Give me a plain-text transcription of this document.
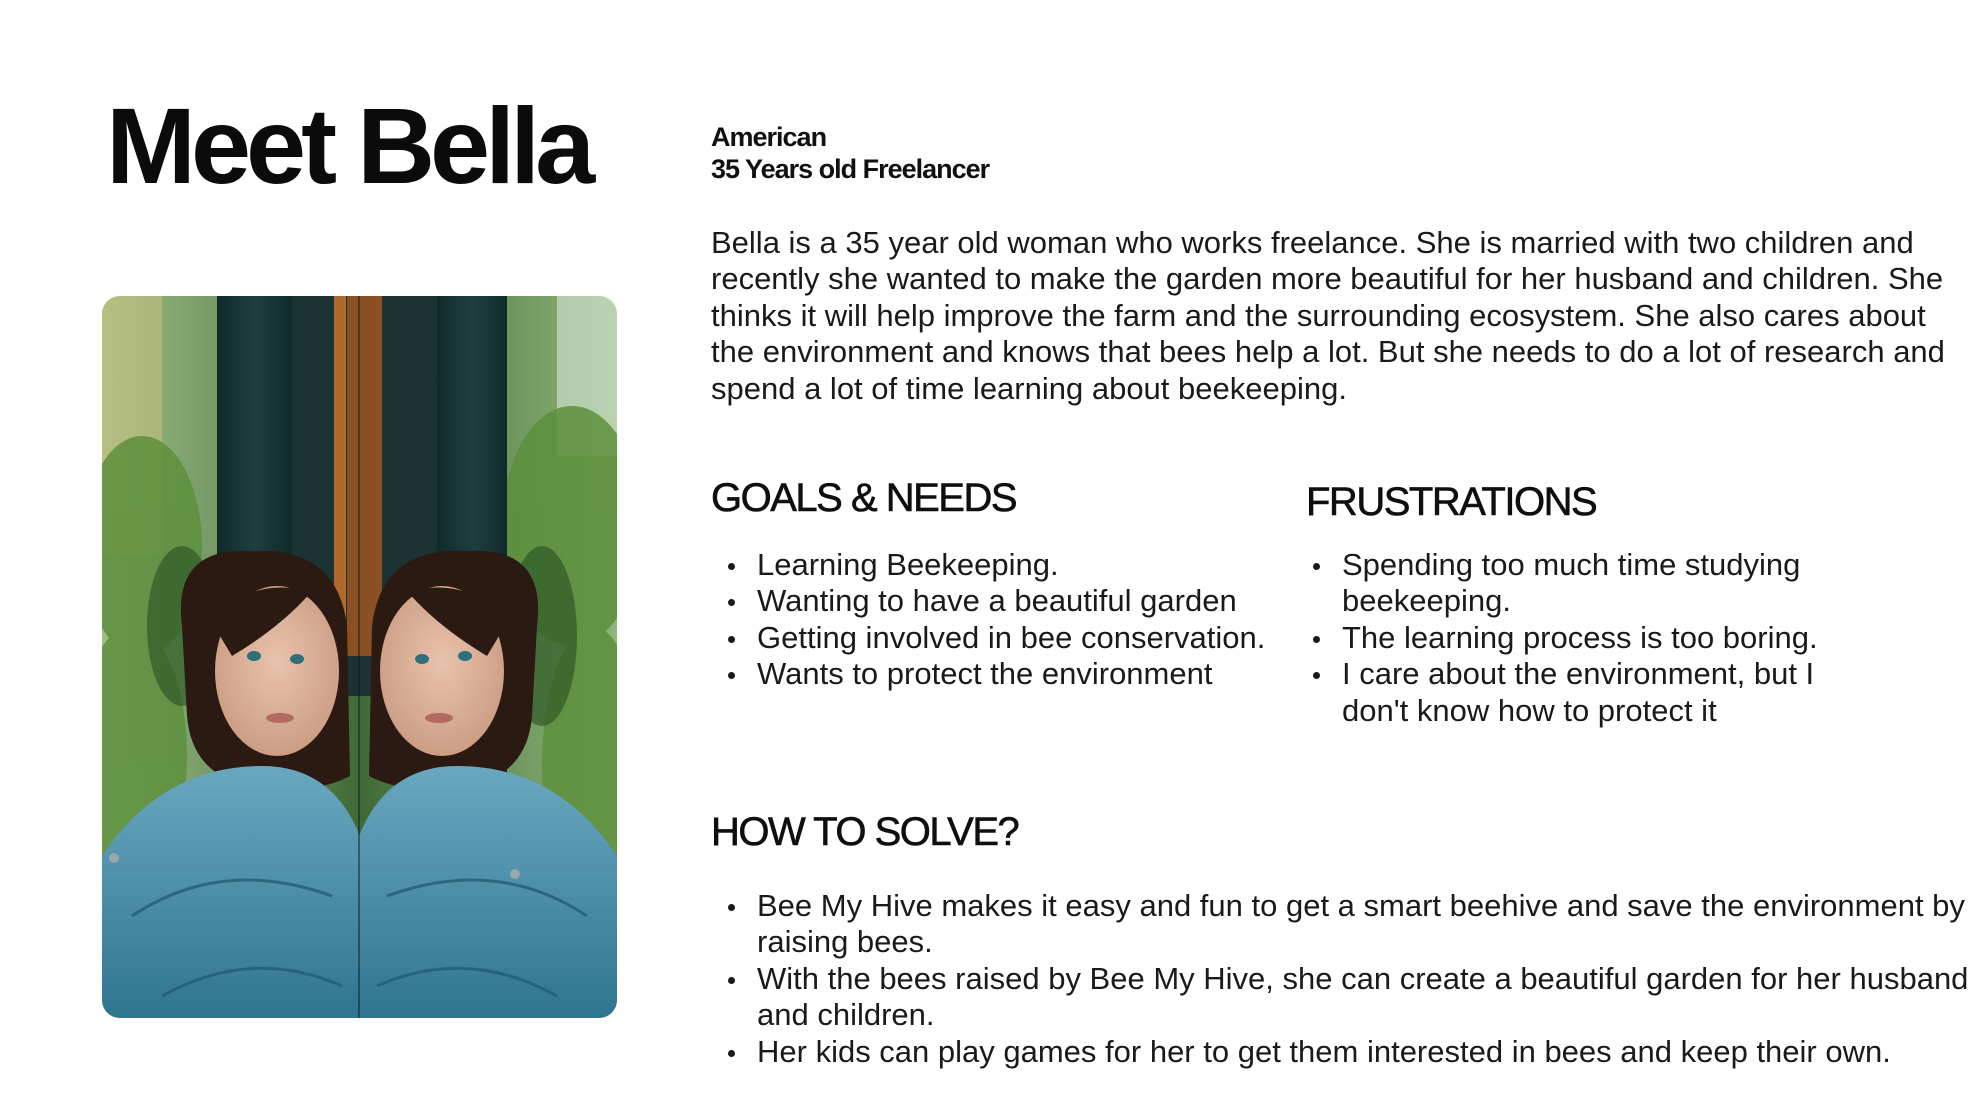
Meet Bella	American
35 Years old Freelancer

Bella is a 35 year old woman who works freelance. She is married with two children and recently she wanted to make the garden more beautiful for her husband and children. She thinks it will help improve the farm and the surrounding ecosystem. She also cares about the environment and knows that bees help a lot. But she needs to do a lot of research and spend a lot of time learning about beekeeping.

GOALS & NEEDS
Learning Beekeeping.
Wanting to have a beautiful garden
Getting involved in bee conservation.
Wants to protect the environment
FRUSTRATIONS
Spending too much time studying beekeeping.
The learning process is too boring.
I care about the environment, but I don't know how to protect it
HOW TO SOLVE?
Bee My Hive makes it easy and fun to get a smart beehive and save the environment by raising bees.
With the bees raised by Bee My Hive, she can create a beautiful garden for her husband and children.
Her kids can play games for her to get them interested in bees and keep their own.
